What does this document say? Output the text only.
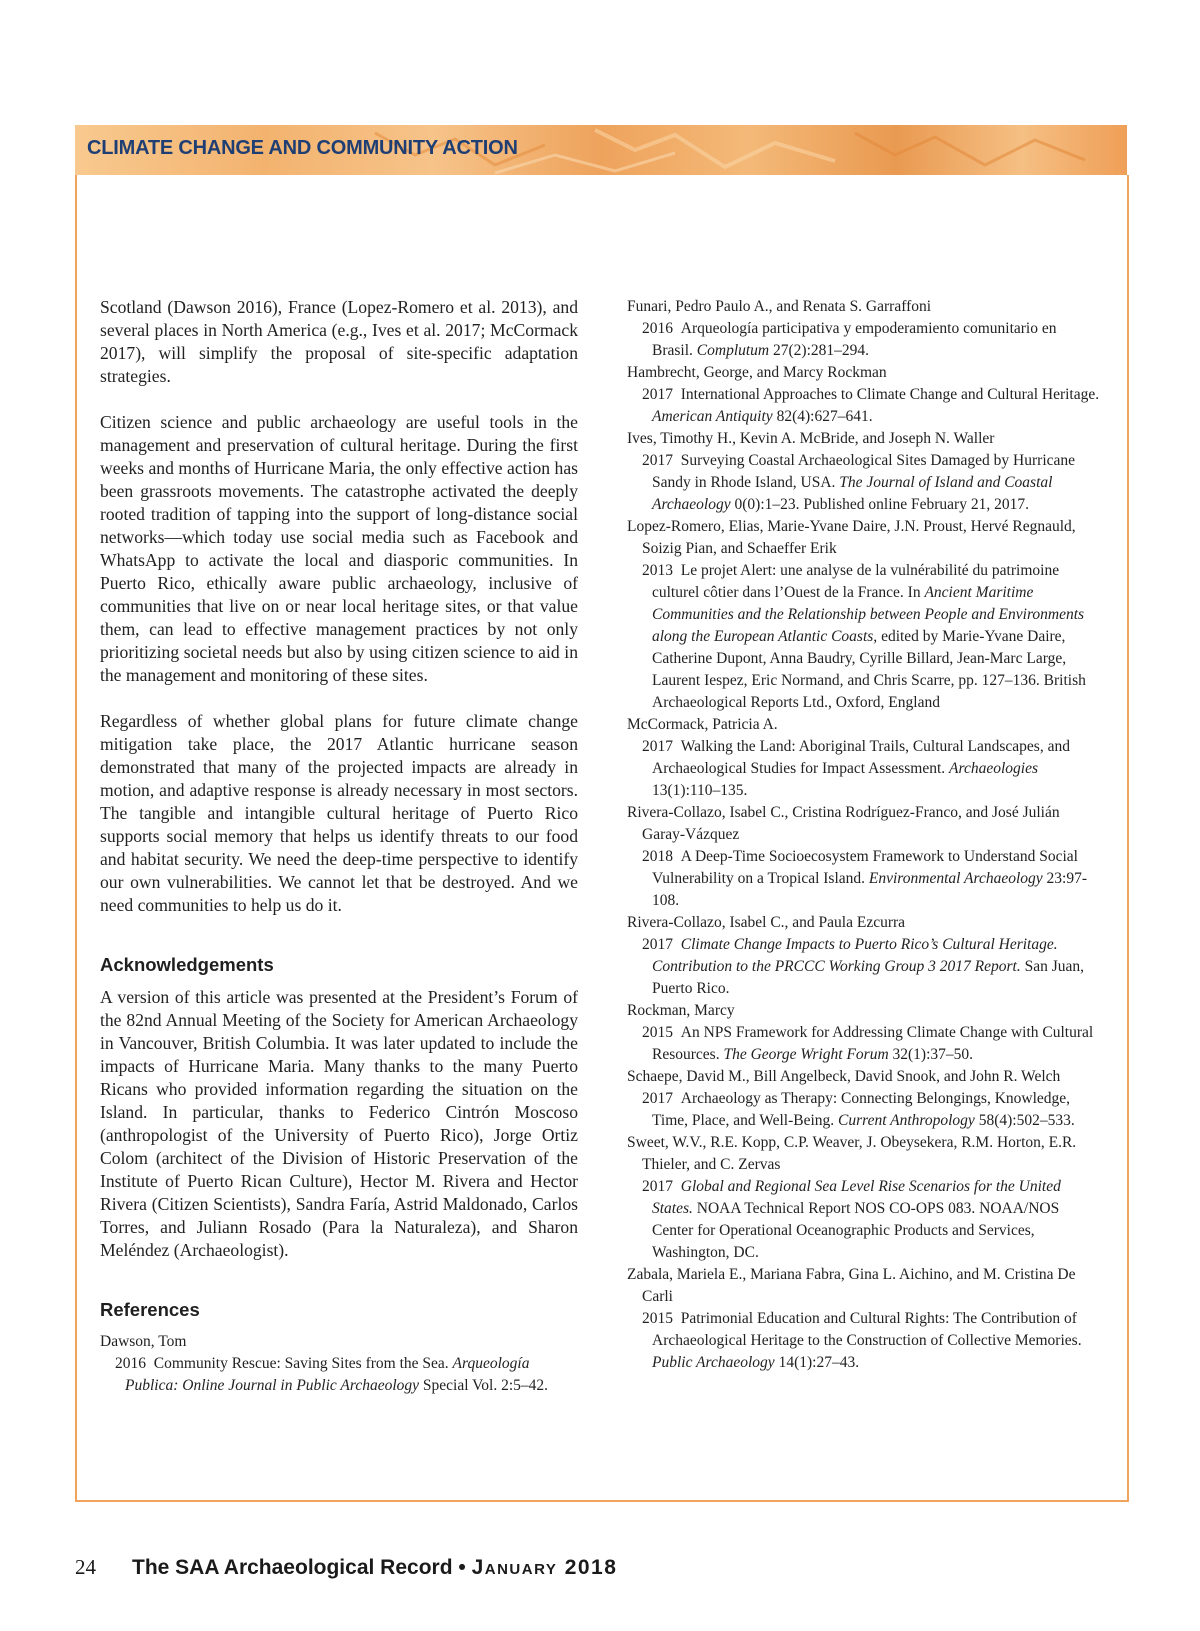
CLIMATE CHANGE AND COMMUNITY ACTION

Scotland (Dawson 2016), France (Lopez-Romero et al. 2013), and several places in North America (e.g., Ives et al. 2017; McCormack 2017), will simplify the proposal of site-specific adaptation strategies.

Citizen science and public archaeology are useful tools in the management and preservation of cultural heritage. During the first weeks and months of Hurricane Maria, the only effective action has been grassroots movements. The catastrophe activated the deeply rooted tradition of tapping into the support of long-distance social networks—which today use social media such as Facebook and WhatsApp to activate the local and diasporic communities. In Puerto Rico, ethically aware public archaeology, inclusive of communities that live on or near local heritage sites, or that value them, can lead to effective management practices by not only prioritizing societal needs but also by using citizen science to aid in the management and monitoring of these sites.

Regardless of whether global plans for future climate change mitigation take place, the 2017 Atlantic hurricane season demonstrated that many of the projected impacts are already in motion, and adaptive response is already necessary in most sectors. The tangible and intangible cultural heritage of Puerto Rico supports social memory that helps us identify threats to our food and habitat security. We need the deep-time perspective to identify our own vulnerabilities. We cannot let that be destroyed. And we need communities to help us do it.

Acknowledgements

A version of this article was presented at the President’s Forum of the 82nd Annual Meeting of the Society for American Archaeology in Vancouver, British Columbia. It was later updated to include the impacts of Hurricane Maria. Many thanks to the many Puerto Ricans who provided information regarding the situation on the Island. In particular, thanks to Federico Cintrón Moscoso (anthropologist of the University of Puerto Rico), Jorge Ortiz Colom (architect of the Division of Historic Preservation of the Institute of Puerto Rican Culture), Hector M. Rivera and Hector Rivera (Citizen Scientists), Sandra Faría, Astrid Maldonado, Carlos Torres, and Juliann Rosado (Para la Naturaleza), and Sharon Meléndez (Archaeologist).

References
Dawson, Tom
2016  Community Rescue: Saving Sites from the Sea. Arqueología Publica: Online Journal in Public Archaeology Special Vol. 2:5–42.
Funari, Pedro Paulo A., and Renata S. Garraffoni
2016  Arqueología participativa y empoderamiento comunitario en Brasil. Complutum 27(2):281–294.
Hambrecht, George, and Marcy Rockman
2017  International Approaches to Climate Change and Cultural Heritage. American Antiquity 82(4):627–641.
Ives, Timothy H., Kevin A. McBride, and Joseph N. Waller
2017  Surveying Coastal Archaeological Sites Damaged by Hurricane Sandy in Rhode Island, USA. The Journal of Island and Coastal Archaeology 0(0):1–23. Published online February 21, 2017.
Lopez-Romero, Elias, Marie-Yvane Daire, J.N. Proust, Hervé Regnauld, Soizig Pian, and Schaeffer Erik
2013  Le projet Alert: une analyse de la vulnérabilité du patrimoine culturel côtier dans l’Ouest de la France. In Ancient Maritime Communities and the Relationship between People and Environments along the European Atlantic Coasts, edited by Marie-Yvane Daire, Catherine Dupont, Anna Baudry, Cyrille Billard, Jean-Marc Large, Laurent Iespez, Eric Normand, and Chris Scarre, pp. 127–136. British Archaeological Reports Ltd., Oxford, England
McCormack, Patricia A.
2017  Walking the Land: Aboriginal Trails, Cultural Landscapes, and Archaeological Studies for Impact Assessment. Archaeologies 13(1):110–135.
Rivera-Collazo, Isabel C., Cristina Rodríguez-Franco, and José Julián Garay-Vázquez
2018  A Deep-Time Socioecosystem Framework to Understand Social Vulnerability on a Tropical Island. Environmental Archaeology 23:97-108.
Rivera-Collazo, Isabel C., and Paula Ezcurra
2017  Climate Change Impacts to Puerto Rico’s Cultural Heritage. Contribution to the PRCCC Working Group 3 2017 Report. San Juan, Puerto Rico.
Rockman, Marcy
2015  An NPS Framework for Addressing Climate Change with Cultural Resources. The George Wright Forum 32(1):37–50.
Schaepe, David M., Bill Angelbeck, David Snook, and John R. Welch
2017  Archaeology as Therapy: Connecting Belongings, Knowledge, Time, Place, and Well-Being. Current Anthropology 58(4):502–533.
Sweet, W.V., R.E. Kopp, C.P. Weaver, J. Obeysekera, R.M. Horton, E.R. Thieler, and C. Zervas
2017  Global and Regional Sea Level Rise Scenarios for the United States. NOAA Technical Report NOS CO-OPS 083. NOAA/NOS Center for Operational Oceanographic Products and Services, Washington, DC.
Zabala, Mariela E., Mariana Fabra, Gina L. Aichino, and M. Cristina De Carli
2015  Patrimonial Education and Cultural Rights: The Contribution of Archaeological Heritage to the Construction of Collective Memories. Public Archaeology 14(1):27–43.
24 The SAA Archaeological Record • January 2018
